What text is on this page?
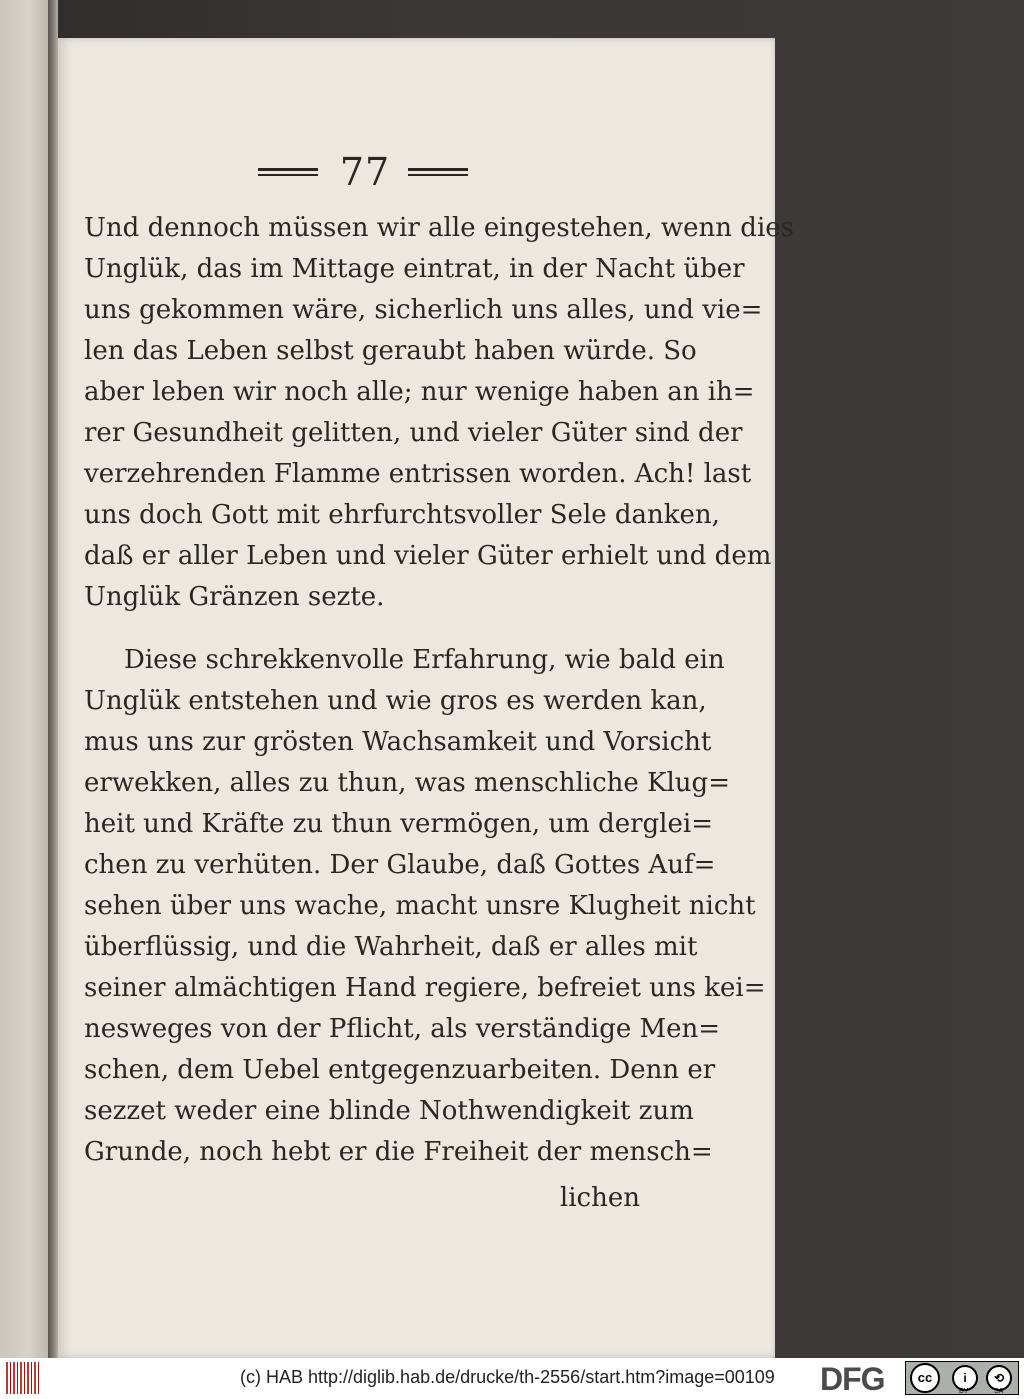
77
Und dennoch müssen wir alle eingestehen, wenn dies
Unglük, das im Mittage eintrat, in der Nacht über
uns gekommen wäre, sicherlich uns alles, und vie=
len das Leben selbst geraubt haben würde. So
aber leben wir noch alle; nur wenige haben an ih=
rer Gesundheit gelitten, und vieler Güter sind der
verzehrenden Flamme entrissen worden. Ach! last
uns doch Gott mit ehrfurchtsvoller Sele danken,
daß er aller Leben und vieler Güter erhielt und dem
Unglük Gränzen sezte.
Diese schrekkenvolle Erfahrung, wie bald ein
Unglük entstehen und wie gros es werden kan,
mus uns zur grösten Wachsamkeit und Vorsicht
erwekken, alles zu thun, was menschliche Klug=
heit und Kräfte zu thun vermögen, um derglei=
chen zu verhüten. Der Glaube, daß Gottes Auf=
sehen über uns wache, macht unsre Klugheit nicht
überflüssig, und die Wahrheit, daß er alles mit
seiner almächtigen Hand regiere, befreiet uns kei=
nesweges von der Pflicht, als verständige Men=
schen, dem Uebel entgegenzuarbeiten. Denn er
sezzet weder eine blinde Nothwendigkeit zum
Grunde, noch hebt er die Freiheit der mensch=
lichen
(c) HAB http://diglib.hab.de/drucke/th-2556/start.htm?image=00109 DFG	cc	i	⟲
BY	SA
